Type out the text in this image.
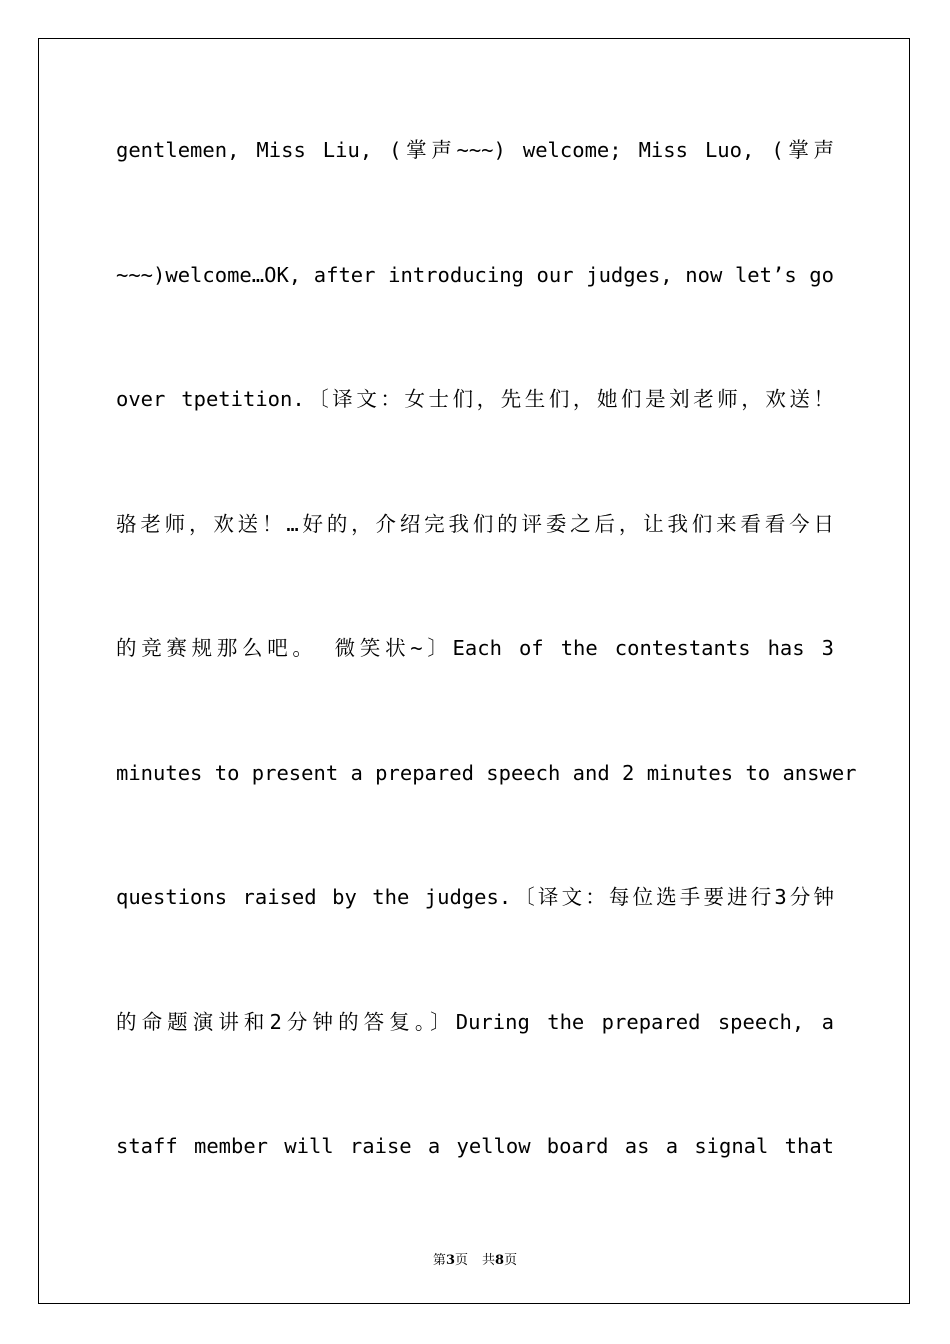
gentlemen, Miss Liu, (掌声~~~) welcome; Miss Luo, (掌声
~~~)welcome…OK, after introducing our judges, now let’s go
over tpetition.〔译文：女士们，先生们，她们是刘老师，欢送！
骆老师，欢送！…好的，介绍完我们的评委之后，让我们来看看今日
的竞赛规那么吧。 微笑状~〕Each of the contestants has 3
minutes to present a prepared speech and 2 minutes to answer
questions raised by the judges.〔译文：每位选手要进行3分钟
的命题演讲和2分钟的答复。〕During the prepared speech, a
staff member will raise a yellow board as a signal that
第3页 共8页
